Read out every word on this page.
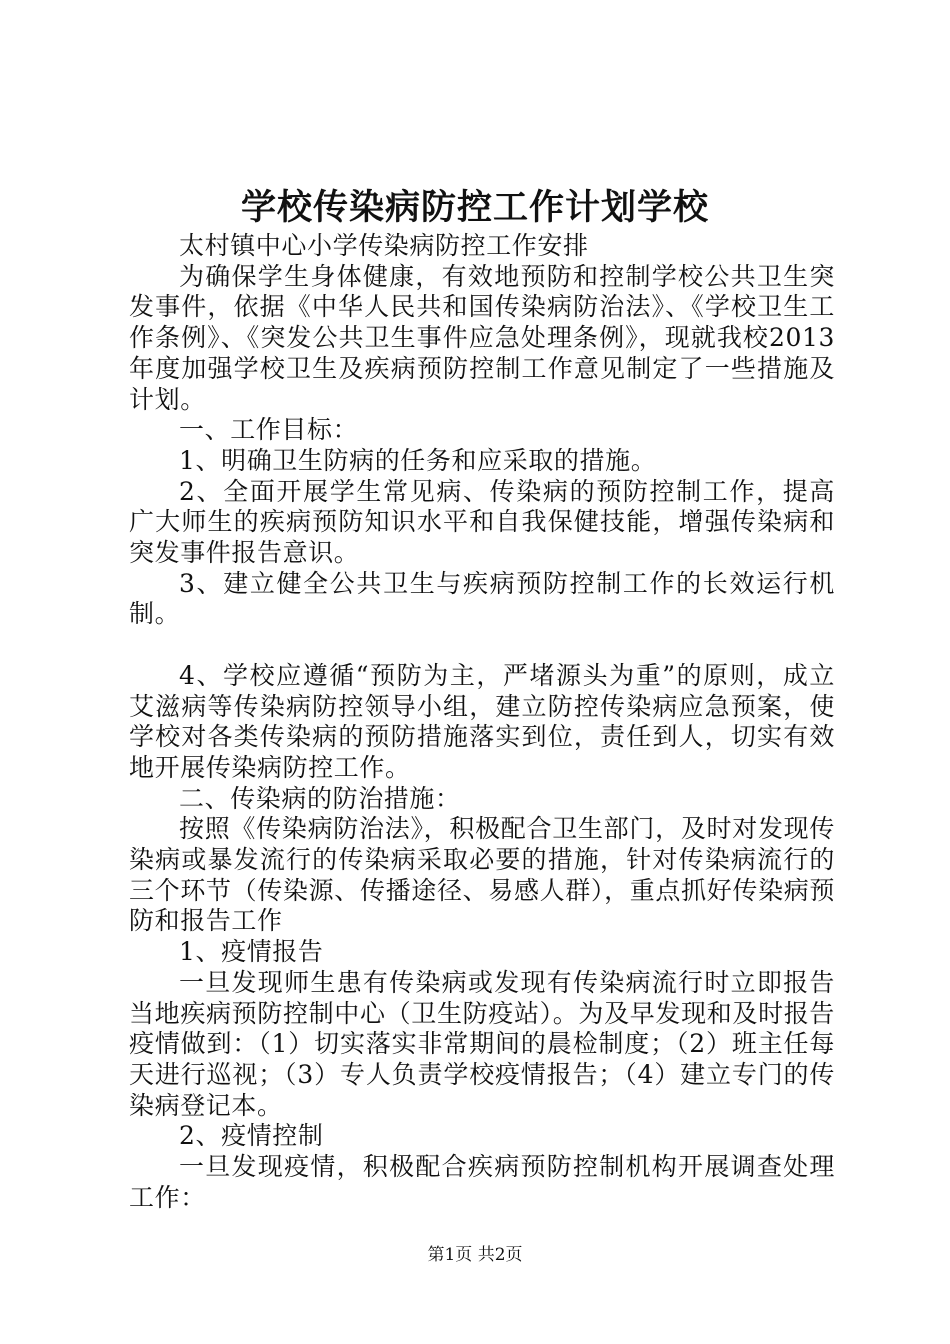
学校传染病防控工作计划学校

太村镇中心小学传染病防控工作安排

为确保学生身体健康，有效地预防和控制学校公共卫生突发事件，依据《中华人民共和国传染病防治法》、《学校卫生工作条例》、《突发公共卫生事件应急处理条例》，现就我校2013年度加强学校卫生及疾病预防控制工作意见制定了一些措施及计划。

一、工作目标：

1、明确卫生防病的任务和应采取的措施。

2、全面开展学生常见病、传染病的预防控制工作，提高广大师生的疾病预防知识水平和自我保健技能，增强传染病和突发事件报告意识。

3、建立健全公共卫生与疾病预防控制工作的长效运行机制。

4、学校应遵循“预防为主，严堵源头为重”的原则，成立艾滋病等传染病防控领导小组，建立防控传染病应急预案，使学校对各类传染病的预防措施落实到位，责任到人，切实有效地开展传染病防控工作。

二、传染病的防治措施：

按照《传染病防治法》，积极配合卫生部门，及时对发现传染病或暴发流行的传染病采取必要的措施，针对传染病流行的三个环节（传染源、传播途径、易感人群），重点抓好传染病预防和报告工作

1、疫情报告

一旦发现师生患有传染病或发现有传染病流行时立即报告当地疾病预防控制中心（卫生防疫站）。为及早发现和及时报告疫情做到：（1）切实落实非常期间的晨检制度；（2）班主任每天进行巡视；（3）专人负责学校疫情报告；（4）建立专门的传染病登记本。

2、疫情控制

一旦发现疫情，积极配合疾病预防控制机构开展调查处理工作：

第1页 共2页
